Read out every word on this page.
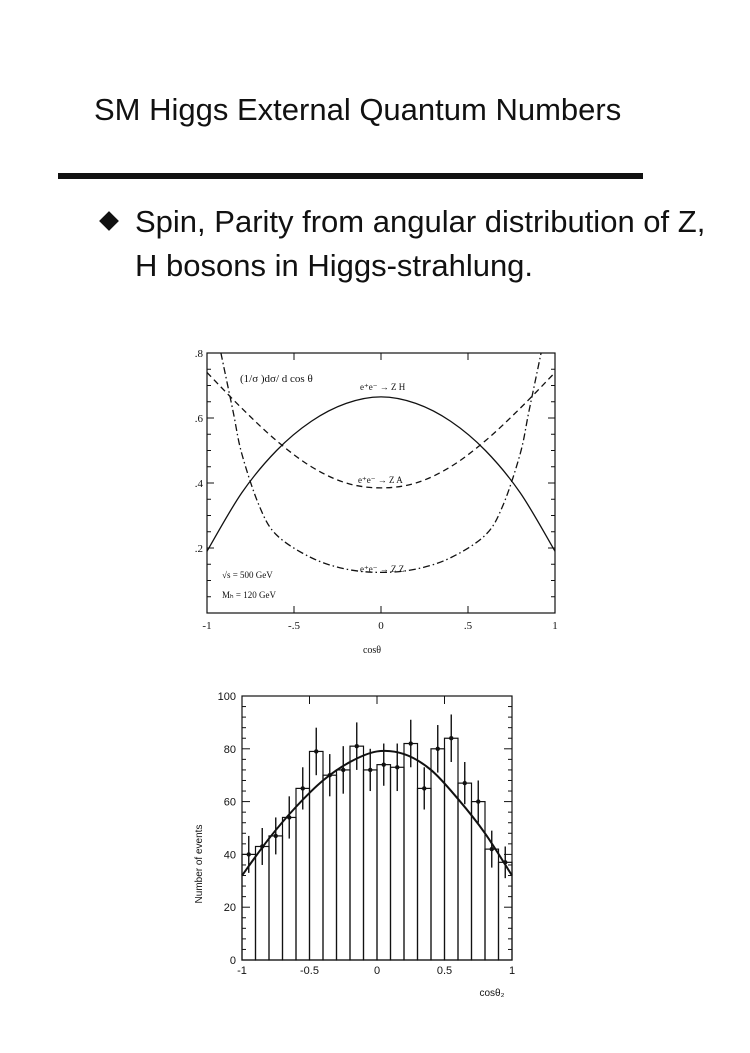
SM Higgs External Quantum Numbers
Spin, Parity from angular distribution of Z, H bosons in Higgs-strahlung.
-1	-.5	0	.5	1
.2
.4
.6
.8
(1/σ )dσ/ d cos θ
cosθ
e⁺e⁻ → Z H
e⁺e⁻ → Z A
e⁺e⁻ → Z Z
√s = 500 GeV
Mₕ = 120 GeV
-1	-0.5	0	0.5	1
0
20
40
60
80
100
Number of events
cosθ₂
